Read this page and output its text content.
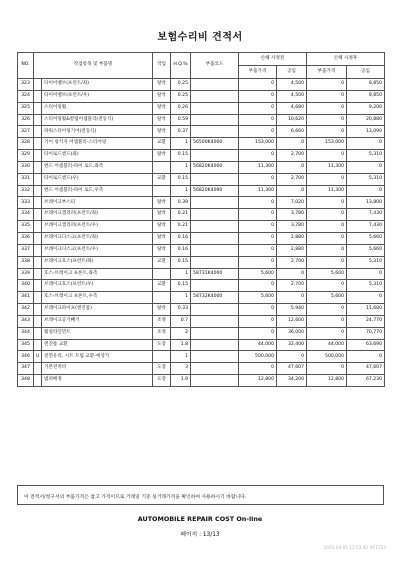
보험수리비 견적서
NO.	작업항목 및 부품명		작업	H.Q.%	부품코드	손해 사정전		손해 사정후	
						부품가격	공임	부품가격	공임
323		타이어밸브(프런트/좌)	탈착	0.25		0	4,500	0	8,850
324		타이어밸브(프런트/우)	탈착	0.25		0	4,500	0	8,850
325		스티어링휠	탈착	0.26		0	4,680	0	9,200
326		스티어링휠&칼럼어셈블리(전동식)	탈착	0.59		0	10,620	0	20,880
327		파워스티어링기어(전동식)	탈착	0.37		0	6,660	0	13,090
328		기어 링키지 어셈블리-스티어링	교환	1	56500K4000	153,000	0	153,000	0
329		타이로드엔드(좌)	탈착	0.15		0	2,700	0	5,310
330		엔드 어셈블리-타이 로드,좌측		1	56820K4000	11,300	0	11,300	0
331		타이로드엔드(우)	교환	0.15		0	2,700	0	5,310
332		엔드 어셈블리-타이 로드,우측		1	56820K4090	11,300	0	11,300	0
333		브레이크부스터	탈착	0.39		0	7,020	0	13,800
334		브레이크캘리퍼(프런트/좌)	탈착	0.21		0	3,780	0	7,430
335		브레이크캘리퍼(프런트/우)	탈착	0.21		0	3,780	0	7,430
336		브레이크디스크(프런트/좌)	탈착	0.16		0	2,880	0	5,660
337		브레이크디스크(프런트/우)	탈착	0.16		0	2,880	0	5,660
338		브레이크호스(프런트/좌)	교환	0.15		0	2,700	0	5,310
339		호스-브레이크 프론트,좌측		1	58731K4000	5,600	0	5,600	0
340		브레이크호스(프런트/우)	교환	0.15		0	2,700	0	5,310
341		호스-브레이크 프론트,우측		1	58732K4000	5,600	0	5,600	0
342		브레이크파이프(앤진룸)	탈착	0.33		0	5,940	0	11,680
343		브레이크공기빼기	조정	0.7		0	12,600	0	24,770
344		휠얼라인먼트	조정	2		0	36,000	0	70,770
345		엔진룸 교환	도장	1.8		44,000	32,400	44,000	63,690
346	U	전면유리, 시트 트림 교환-예상가		1		500,000	0	500,000	0
347		기본견적비	도장	3		0	47,607	0	47,607
348		범퍼배정	도장	1.9		12,800	34,200	12,800	67,230
이 견적서/청구서의 부품가격은 참고 가격이므로 거래일 기준 실거래가격을 확인하여 사용하시기 바랍니다.
AUTOMOBILE REPAIR COST On-line
페이지 : 13/13
2025-04-05 12:53:42 #F1723
